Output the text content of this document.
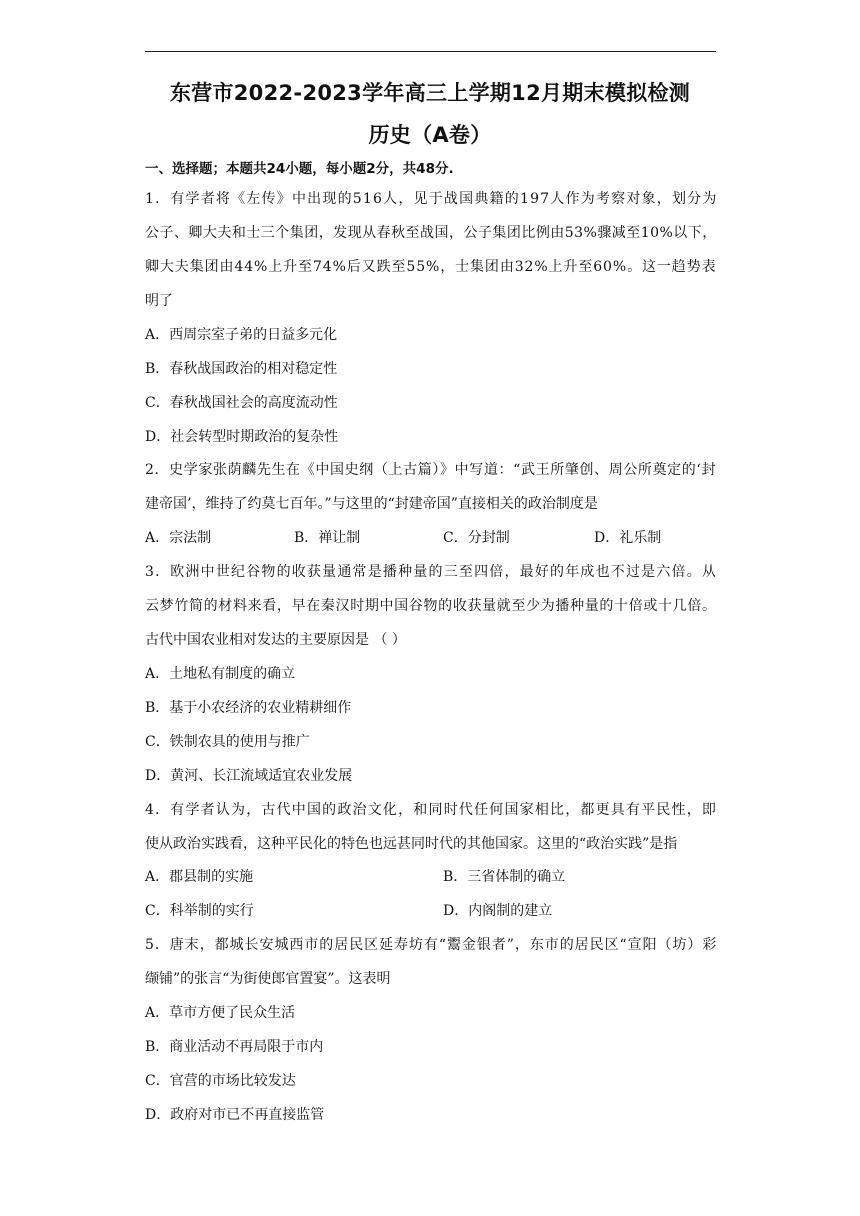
东营市2022-2023学年高三上学期12月期末模拟检测
历史（A卷）
一、选择题；本题共24小题，每小题2分，共48分.
1．有学者将《左传》中出现的516人，见于战国典籍的197人作为考察对象，划分为
公子、卿大夫和士三个集团，发现从春秋至战国，公子集团比例由53%骤减至10%以下，
卿大夫集团由44%上升至74%后又跌至55%，士集团由32%上升至60%。这一趋势表
明了
A．西周宗室子弟的日益多元化
B．春秋战国政治的相对稳定性
C．春秋战国社会的高度流动性
D．社会转型时期政治的复杂性
2．史学家张荫麟先生在《中国史纲（上古篇）》中写道：“武王所肇创、周公所奠定的‘封
建帝国’，维持了约莫七百年。”与这里的“封建帝国”直接相关的政治制度是
A．宗法制	B．禅让制	C．分封制	D．礼乐制
3．欧洲中世纪谷物的收获量通常是播种量的三至四倍，最好的年成也不过是六倍。从
云梦竹简的材料来看，早在秦汉时期中国谷物的收获量就至少为播种量的十倍或十几倍。
古代中国农业相对发达的主要原因是 （ ）
A．土地私有制度的确立
B．基于小农经济的农业精耕细作
C．铁制农具的使用与推广
D．黄河、长江流域适宜农业发展
4．有学者认为，古代中国的政治文化，和同时代任何国家相比，都更具有平民性，即
使从政治实践看，这种平民化的特色也远甚同时代的其他国家。这里的“政治实践”是指
A．郡县制的实施	B．三省体制的确立
C．科举制的实行	D．内阁制的建立
5．唐末，都城长安城西市的居民区延寿坊有“鬻金银者”，东市的居民区“宣阳（坊）彩
缬铺”的张言“为街使郎官置宴”。这表明
A．草市方便了民众生活
B．商业活动不再局限于市内
C．官营的市场比较发达
D．政府对市已不再直接监管
